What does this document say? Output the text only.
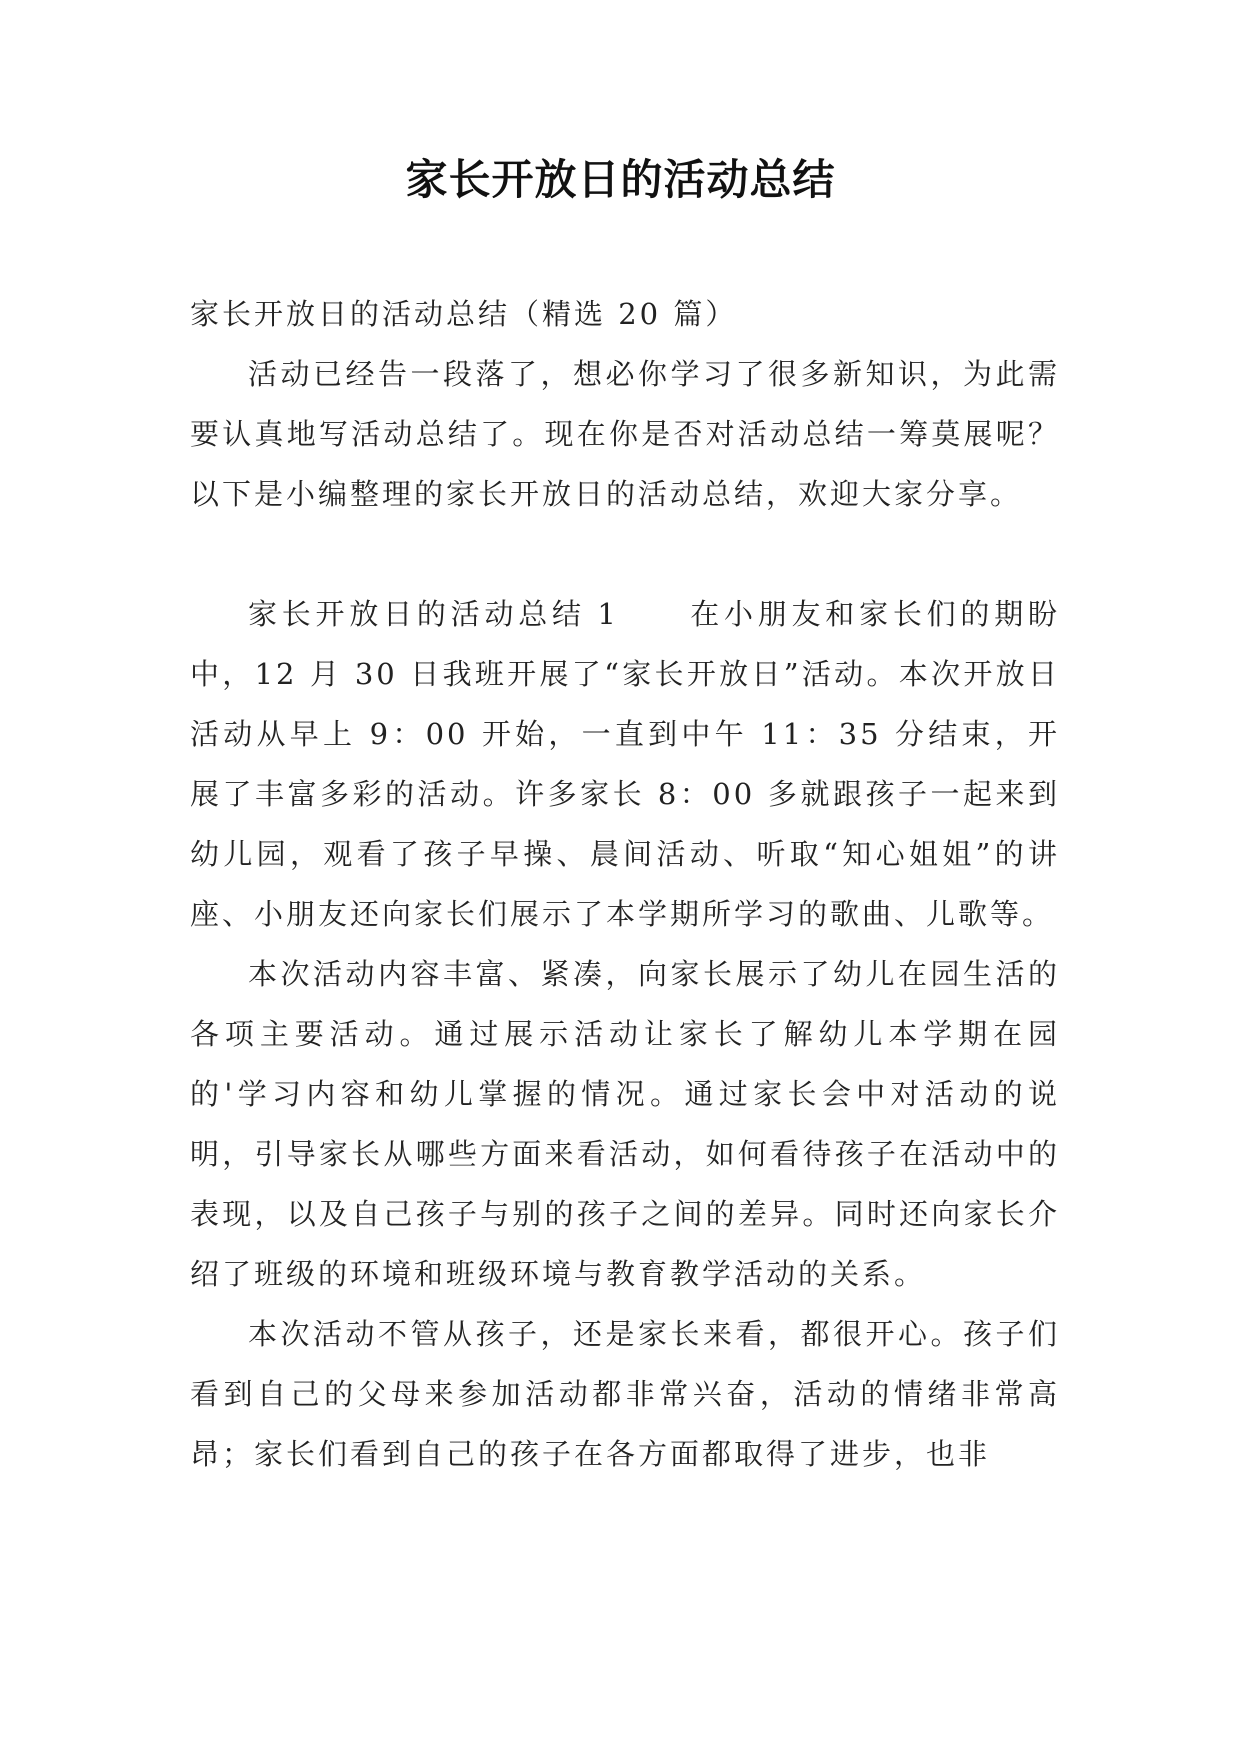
家长开放日的活动总结

家长开放日的活动总结（精选 20 篇）

活动已经告一段落了，想必你学习了很多新知识，为此需要认真地写活动总结了。现在你是否对活动总结一筹莫展呢？以下是小编整理的家长开放日的活动总结，欢迎大家分享。

家长开放日的活动总结 1 在小朋友和家长们的期盼中，12 月 30 日我班开展了“家长开放日”活动。本次开放日活动从早上 9：00 开始，一直到中午 11：35 分结束，开展了丰富多彩的活动。许多家长 8：00 多就跟孩子一起来到幼儿园，观看了孩子早操、晨间活动、听取“知心姐姐”的讲座、小朋友还向家长们展示了本学期所学习的歌曲、儿歌等。

本次活动内容丰富、紧凑，向家长展示了幼儿在园生活的各项主要活动。通过展示活动让家长了解幼儿本学期在园的'学习内容和幼儿掌握的情况。通过家长会中对活动的说明，引导家长从哪些方面来看活动，如何看待孩子在活动中的表现，以及自己孩子与别的孩子之间的差异。同时还向家长介绍了班级的环境和班级环境与教育教学活动的关系。

本次活动不管从孩子，还是家长来看，都很开心。孩子们看到自己的父母来参加活动都非常兴奋，活动的情绪非常高昂；家长们看到自己的孩子在各方面都取得了进步，也非
